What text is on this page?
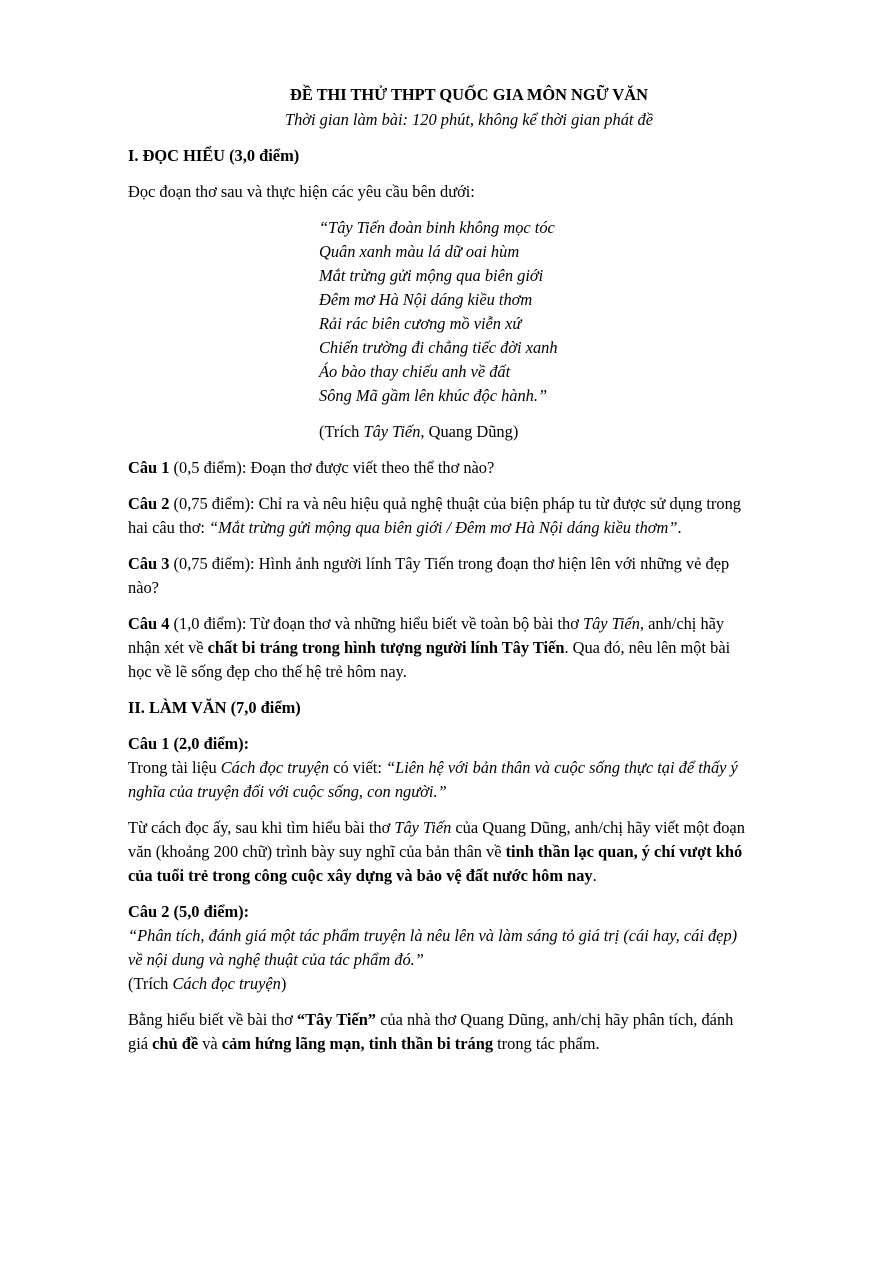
ĐỀ THI THỬ THPT QUỐC GIA MÔN NGỮ VĂN
Thời gian làm bài: 120 phút, không kể thời gian phát đề
I. ĐỌC HIỂU (3,0 điểm)
Đọc đoạn thơ sau và thực hiện các yêu cầu bên dưới:
“Tây Tiến đoàn binh không mọc tóc
Quân xanh màu lá dữ oai hùm
Mắt trừng gửi mộng qua biên giới
Đêm mơ Hà Nội dáng kiều thơm
Rải rác biên cương mồ viễn xứ
Chiến trường đi chẳng tiếc đời xanh
Áo bào thay chiếu anh về đất
Sông Mã gầm lên khúc độc hành.”
(Trích Tây Tiến, Quang Dũng)
Câu 1 (0,5 điểm): Đoạn thơ được viết theo thể thơ nào?
Câu 2 (0,75 điểm): Chỉ ra và nêu hiệu quả nghệ thuật của biện pháp tu từ được sử dụng trong
hai câu thơ: “Mắt trừng gửi mộng qua biên giới / Đêm mơ Hà Nội dáng kiều thơm”.
Câu 3 (0,75 điểm): Hình ảnh người lính Tây Tiến trong đoạn thơ hiện lên với những vẻ đẹp
nào?
Câu 4 (1,0 điểm): Từ đoạn thơ và những hiểu biết về toàn bộ bài thơ Tây Tiến, anh/chị hãy
nhận xét về chất bi tráng trong hình tượng người lính Tây Tiến. Qua đó, nêu lên một bài
học về lẽ sống đẹp cho thế hệ trẻ hôm nay.
II. LÀM VĂN (7,0 điểm)
Câu 1 (2,0 điểm):
Trong tài liệu Cách đọc truyện có viết: “Liên hệ với bản thân và cuộc sống thực tại để thấy ý
nghĩa của truyện đối với cuộc sống, con người.”
Từ cách đọc ấy, sau khi tìm hiểu bài thơ Tây Tiến của Quang Dũng, anh/chị hãy viết một đoạn
văn (khoảng 200 chữ) trình bày suy nghĩ của bản thân về tinh thần lạc quan, ý chí vượt khó
của tuổi trẻ trong công cuộc xây dựng và bảo vệ đất nước hôm nay.
Câu 2 (5,0 điểm):
“Phân tích, đánh giá một tác phẩm truyện là nêu lên và làm sáng tỏ giá trị (cái hay, cái đẹp)
về nội dung và nghệ thuật của tác phẩm đó.”
(Trích Cách đọc truyện)
Bằng hiểu biết về bài thơ “Tây Tiến” của nhà thơ Quang Dũng, anh/chị hãy phân tích, đánh
giá chủ đề và cảm hứng lãng mạn, tinh thần bi tráng trong tác phẩm.
